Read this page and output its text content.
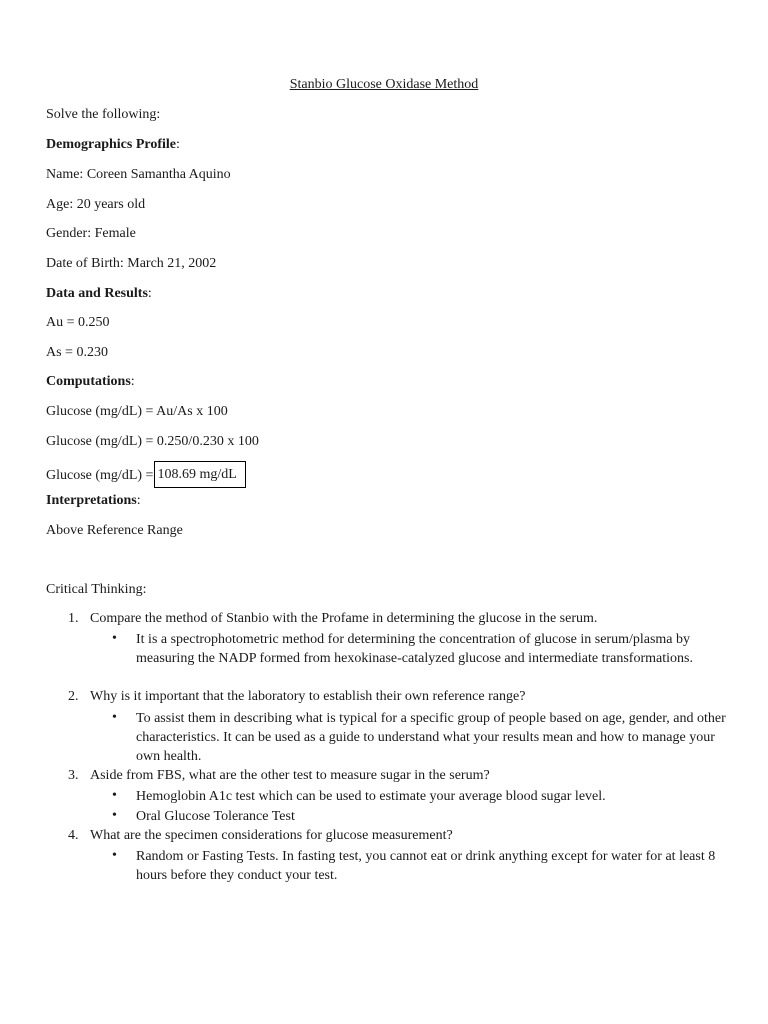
Stanbio Glucose Oxidase Method
Solve the following:
Demographics Profile:
Name: Coreen Samantha Aquino
Age: 20 years old
Gender: Female
Date of Birth: March 21, 2002
Data and Results:
Au = 0.250
As = 0.230
Computations:
Glucose (mg/dL) = Au/As x 100
Glucose (mg/dL) = 0.250/0.230 x 100
Glucose (mg/dL) = 108.69 mg/dL
Interpretations:
Above Reference Range
Critical Thinking:
1. Compare the method of Stanbio with the Profame in determining the glucose in the serum.
• It is a spectrophotometric method for determining the concentration of glucose in serum/plasma by measuring the NADP formed from hexokinase-catalyzed glucose and intermediate transformations.
2. Why is it important that the laboratory to establish their own reference range?
• To assist them in describing what is typical for a specific group of people based on age, gender, and other characteristics. It can be used as a guide to understand what your results mean and how to manage your own health.
3. Aside from FBS, what are the other test to measure sugar in the serum?
• Hemoglobin A1c test which can be used to estimate your average blood sugar level.
• Oral Glucose Tolerance Test
4. What are the specimen considerations for glucose measurement?
• Random or Fasting Tests. In fasting test, you cannot eat or drink anything except for water for at least 8 hours before they conduct your test.
